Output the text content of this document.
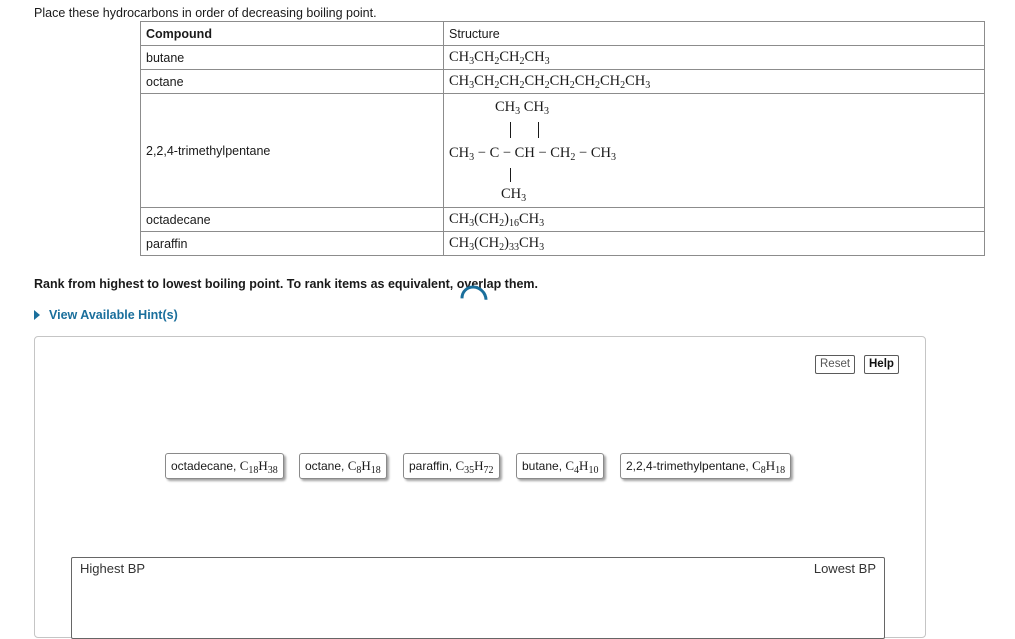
Place these hydrocarbons in order of decreasing boiling point.
Compound	Structure
butane	$CH_3CH_2CH_2CH_3$
octane	$CH_3CH_2CH_2CH_2CH_2CH_2CH_2CH_3$
2,2,4-trimethylpentane	$CH_3$ $CH_3$
$CH_3 - C$ − CH − $CH_2 - CH_3$
$CH_3$

octadecane	$CH_3(CH_2)_{16}CH_3$
paraffin	$CH_3(CH_2)_{33}CH_3$
Rank from highest to lowest boiling point. To rank items as equivalent, overlap them.
View Available Hint(s)
Reset	Help
octadecane, $C_{18}H_{38}$	octane, $C_8H_{18}$	paraffin, $C_{35}H_{72}$	butane, $C_4H_{10}$	2,2,4-trimethylpentane, $C_8H_{18}$
Highest BP	Lowest BP
